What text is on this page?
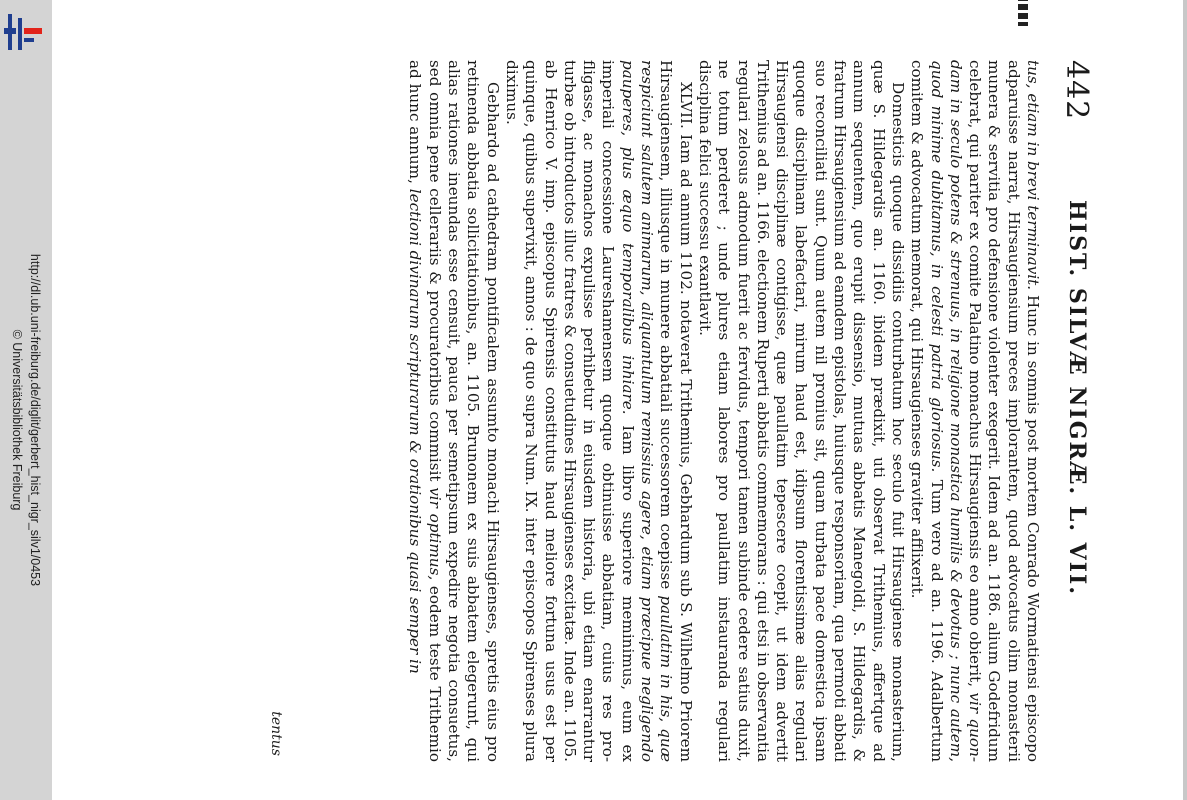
http://dl.ub.uni-freiburg.de/diglit/gerbert_hist_nigr_silv1/0453
© Universitätsbibliothek Freiburg
442
HIST. SILVÆ NIGRÆ. L. VII.

tus, etiam in brevi terminavit. Hunc in somnis post mortem Conrado Wormatiensi episcopo adparuisse narrat, Hirsaugiensium preces implorantem, quod advocatus olim monasterii munera & servitia pro defensione violenter exegerit. Idem ad an. 1186. alium Godefridum celebrat, qui pariter ex comite Palatino monachus Hirsaugiensis eo anno obierit, vir quondam in seculo potens & strenuus, in religione monastica humilis & devotus ; nunc autem, quod minime dubitamus, in celesti patria gloriosus. Tum vero ad an. 1196. Adalbertum comitem & advocatum memorat, qui Hirsaugienses graviter afflixerit.

Domesticis quoque dissidiis conturbatum hoc seculo fuit Hirsaugiense monasterium, quæ S. Hildegardis an. 1160. ibidem prædixit, uti observat Trithemius, affertque ad annum sequentem, quo erupit dissensio, mutuas abbatis Manegoldi, S. Hildegardis, & fratrum Hirsaugiensium ad eamdem epistolas, huiusque responsoriam, qua permoti abbati suo reconciliati sunt. Quum autem nil pronius sit, quam turbata pace domestica ipsam quoque disciplinam labefactari, mirum haud est, idipsum florentissimæ alias regulari Hirsaugiensi disciplinæ contigisse, quæ paullatim tepescere coepit, ut idem advertit Trithemius ad an. 1166. electionem Ruperti abbatis commemorans : qui etsi in observantia regulari zelosus admodum fuerit ac fervidus, tempori tamen subinde cedere satius duxit, ne totum perderet ; unde plures etiam labores pro paullatim instauranda regulari disciplina felici successu exantlavit.

XLVII. Iam ad annum 1102. notaverat Trithemius, Gebhardum sub S. Wilhelmo Priorem Hirsaugiensem, illiusque in munere abbatiali successorem coepisse paullatim in his, quæ respiciunt salutem animarum, aliquantulum remissius agere, etiam præcipue negligendo pauperes, plus æquo temporalibus inhiare. Iam libro superiore meminimus, eum ex imperiali concessione Laureshamensem quoque obtinuisse abbatiam, cuius res profligasse, ac monachos expulisse perhibetur in eiusdem historia, ubi etiam enarrantur turbæ ob introductos illuc fratres & consuetudines Hirsaugienses excitatæ. Inde an. 1105. ab Henrico V. imp. episcopus Spirensis constitutus haud meliore fortuna usus est per quinque, quibus supervixit, annos : de quo supra Num. IX. inter episcopos Spirenses plura diximus.

Gebhardo ad cathedram pontificalem assumto monachi Hirsaugienses, spretis eius pro retinenda abbatia sollicitationibus, an. 1105. Brunonem ex suis abbatem elegerunt, qui alias rationes ineundas esse censuit, pauca per semetipsum expedire negotia consuetus, sed omnia pene cellerariis & procuratoribus commisit vir optimus, eodem teste Trithemio ad hunc annum, lectioni divinarum scripturarum & orationibus quasi semper in

tentus
